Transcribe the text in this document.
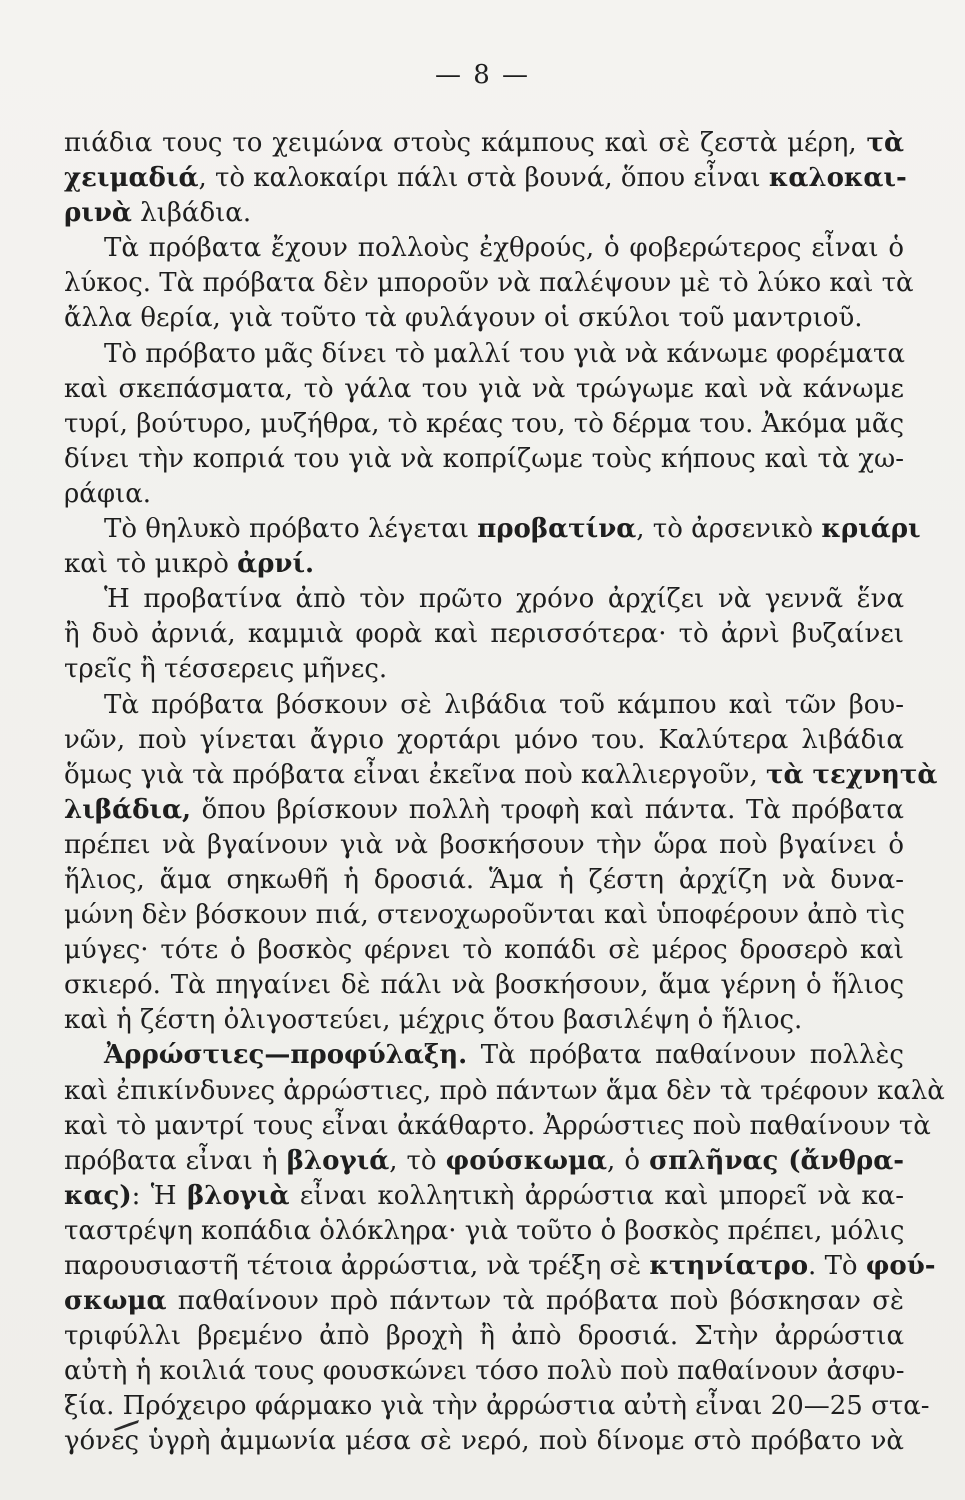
— 8 —
πιάδια τους το χειμώνα στοὺς κάμπους καὶ σὲ ζεστὰ μέρη, τὰ
χειμαδιά, τὸ καλοκαίρι πάλι στὰ βουνά, ὅπου εἶναι καλοκαι-
ρινὰ λιβάδια.
Τὰ πρόβατα ἔχουν πολλοὺς ἐχθρούς, ὁ φοβερώτερος εἶναι ὁ
λύκος. Τὰ πρόβατα δὲν μποροῦν νὰ παλέψουν μὲ τὸ λύκο καὶ τὰ
ἄλλα θερία, γιὰ τοῦτο τὰ φυλάγουν οἱ σκύλοι τοῦ μαντριοῦ.
Τὸ πρόβατο μᾶς δίνει τὸ μαλλί του γιὰ νὰ κάνωμε φορέματα
καὶ σκεπάσματα, τὸ γάλα του γιὰ νὰ τρώγωμε καὶ νὰ κάνωμε
τυρί, βούτυρο, μυζήθρα, τὸ κρέας του, τὸ δέρμα του. Ἀκόμα μᾶς
δίνει τὴν κοπριά του γιὰ νὰ κοπρίζωμε τοὺς κήπους καὶ τὰ χω-
ράφια.
Τὸ θηλυκὸ πρόβατο λέγεται προβατίνα, τὸ ἀρσενικὸ κριάρι
καὶ τὸ μικρὸ ἀρνί.
Ἡ προβατίνα ἀπὸ τὸν πρῶτο χρόνο ἀρχίζει νὰ γεννᾶ ἕνα
ἢ δυὸ ἀρνιά, καμμιὰ φορὰ καὶ περισσότερα· τὸ ἀρνὶ βυζαίνει
τρεῖς ἢ τέσσερεις μῆνες.
Τὰ πρόβατα βόσκουν σὲ λιβάδια τοῦ κάμπου καὶ τῶν βου-
νῶν, ποὺ γίνεται ἄγριο χορτάρι μόνο του. Καλύτερα λιβάδια
ὅμως γιὰ τὰ πρόβατα εἶναι ἐκεῖνα ποὺ καλλιεργοῦν, τὰ τεχνητὰ
λιβάδια, ὅπου βρίσκουν πολλὴ τροφὴ καὶ πάντα. Τὰ πρόβατα
πρέπει νὰ βγαίνουν γιὰ νὰ βοσκήσουν τὴν ὥρα ποὺ βγαίνει ὁ
ἥλιος, ἅμα σηκωθῆ ἡ δροσιά. Ἅμα ἡ ζέστη ἀρχίζη νὰ δυνα-
μώνη δὲν βόσκουν πιά, στενοχωροῦνται καὶ ὑποφέρουν ἀπὸ τὶς
μύγες· τότε ὁ βοσκὸς φέρνει τὸ κοπάδι σὲ μέρος δροσερὸ καὶ
σκιερό. Τὰ πηγαίνει δὲ πάλι νὰ βοσκήσουν, ἅμα γέρνη ὁ ἥλιος
καὶ ἡ ζέστη ὀλιγοστεύει, μέχρις ὅτου βασιλέψη ὁ ἥλιος.
Ἀρρώστιες—προφύλαξη. Τὰ πρόβατα παθαίνουν πολλὲς
καὶ ἐπικίνδυνες ἀρρώστιες, πρὸ πάντων ἅμα δὲν τὰ τρέφουν καλὰ
καὶ τὸ μαντρί τους εἶναι ἀκάθαρτο. Ἀρρώστιες ποὺ παθαίνουν τὰ
πρόβατα εἶναι ἡ βλογιά, τὸ φούσκωμα, ὁ σπλῆνας (ἄνθρα-
κας): Ἡ βλογιὰ εἶναι κολλητικὴ ἀρρώστια καὶ μπορεῖ νὰ κα-
ταστρέψη κοπάδια ὁλόκληρα· γιὰ τοῦτο ὁ βοσκὸς πρέπει, μόλις
παρουσιαστῆ τέτοια ἀρρώστια, νὰ τρέξη σὲ κτηνίατρο. Τὸ φού-
σκωμα παθαίνουν πρὸ πάντων τὰ πρόβατα ποὺ βόσκησαν σὲ
τριφύλλι βρεμένο ἀπὸ βροχὴ ἢ ἀπὸ δροσιά. Στὴν ἀρρώστια
αὐτὴ ἡ κοιλιά τους φουσκώνει τόσο πολὺ ποὺ παθαίνουν ἀσφυ-
ξία. Πρόχειρο φάρμακο γιὰ τὴν ἀρρώστια αὐτὴ εἶναι 20—25 στα-
γόνες ὑγρὴ ἀμμωνία μέσα σὲ νερό, ποὺ δίνομε στὸ πρόβατο νὰ
